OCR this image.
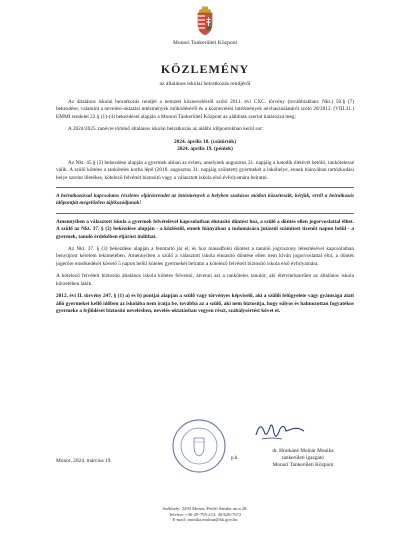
Monori Tankerületi Központ
KÖZLEMÉNY
az általános iskolai beiratkozás rendjéről

Az általános iskolai beiratkozás rendjét a nemzeti köznevelésről szóló 2011. évi CXC. törvény (továbbiakban: Nkt.) 50.§ (7) bekezdése, valamint a nevelési-oktatási intézmények működéséről és a köznevelési intézmények névhasználatáról szóló 20/2012. (VIII.31.) EMMI rendelet 22.§ (1)-(4) bekezdései alapján a Monori Tankerületi Központ az alábbiak szerint határozza meg:

A 2024/2025. tanévre történő általános iskolai beiratkozás az alábbi időpontokban kerül sor:

2024. április 18. (csütörtök)
2024. április 19. (péntek)

Az Nkt. 45.§ (2) bekezdése alapján a gyermek abban az évben, amelynek augusztus 31. napjáig a hatodik életévét betölti, tankötelessé válik. A szülő köteles a tanköteles korba lépő (2018. augusztus 31. napjáig született) gyermekét a lakóhelye, ennek hiányában tartózkodási helye szerint illetékes, kötelező felvételt biztosító vagy a választott iskola első évfolyamára beíratni.

A beiratkozással kapcsolatos részletes eljárásrendet az intézmények a helyben szokásos módon közzéteszik, kérjük, erről a beiratkozás időpontját megelőzően tájékozódjanak!

Amennyiben a választott iskola a gyermek felvételével kapcsolatban elutasító döntést hoz, a szülő a döntés ellen jogorvoslattal élhet. A szülő az Nkt. 37. § (2) bekezdése alapján - a közléstől, ennek hiányában a tudomására jutástól számított tizenöt napon belül - a gyermek, tanuló érdekében eljárást indíthat.

Az Nkt. 37. § (3) bekezdése alapján a fenntartó jár el, és hoz másodfokú döntést a tanulói jogviszony létesítésével kapcsolatban benyújtott kérelem tekintetében. Amennyiben a szülő a választott iskola elutasító döntése ellen nem kíván jogorvoslattal élni, a döntés jogerőre emelkedését követő 5 napon belül köteles gyermekét beíratni a kötelező felvételt biztosító iskola első évfolyamára.

A kötelező felvételt biztosító általános iskola köteles felvenni, átvenni azt a tanköteles tanulót, aki életvitelszerűen az általános iskola körzetében lakik.

2012. évi II. törvény 247. § (1) a) és b) pontjai alapján a szülő vagy törvényes képviselő, aki a szülői felügyelete vagy gyámsága alatt álló gyermeket kellő időben az iskolába nem íratja be, továbbá az a szülő, aki nem biztosítja, hogy súlyos és halmozottan fogyatékos gyermeke a fejlődését biztosító nevelésben, nevelés-oktatásban vegyen részt, szabálysértést követ el.

Monor, 2024. március 19.	p.h.
dr. Hrutkáné Molnár Monika
tankerületi igazgató
Monori Tankerületi Központ
Székhely: 2200 Monor, Petőfi Sándor utca 28.
Telefon: +36-29-795-212; 30/628-7672
E-mail: monika.molnar@kk.gov.hu
